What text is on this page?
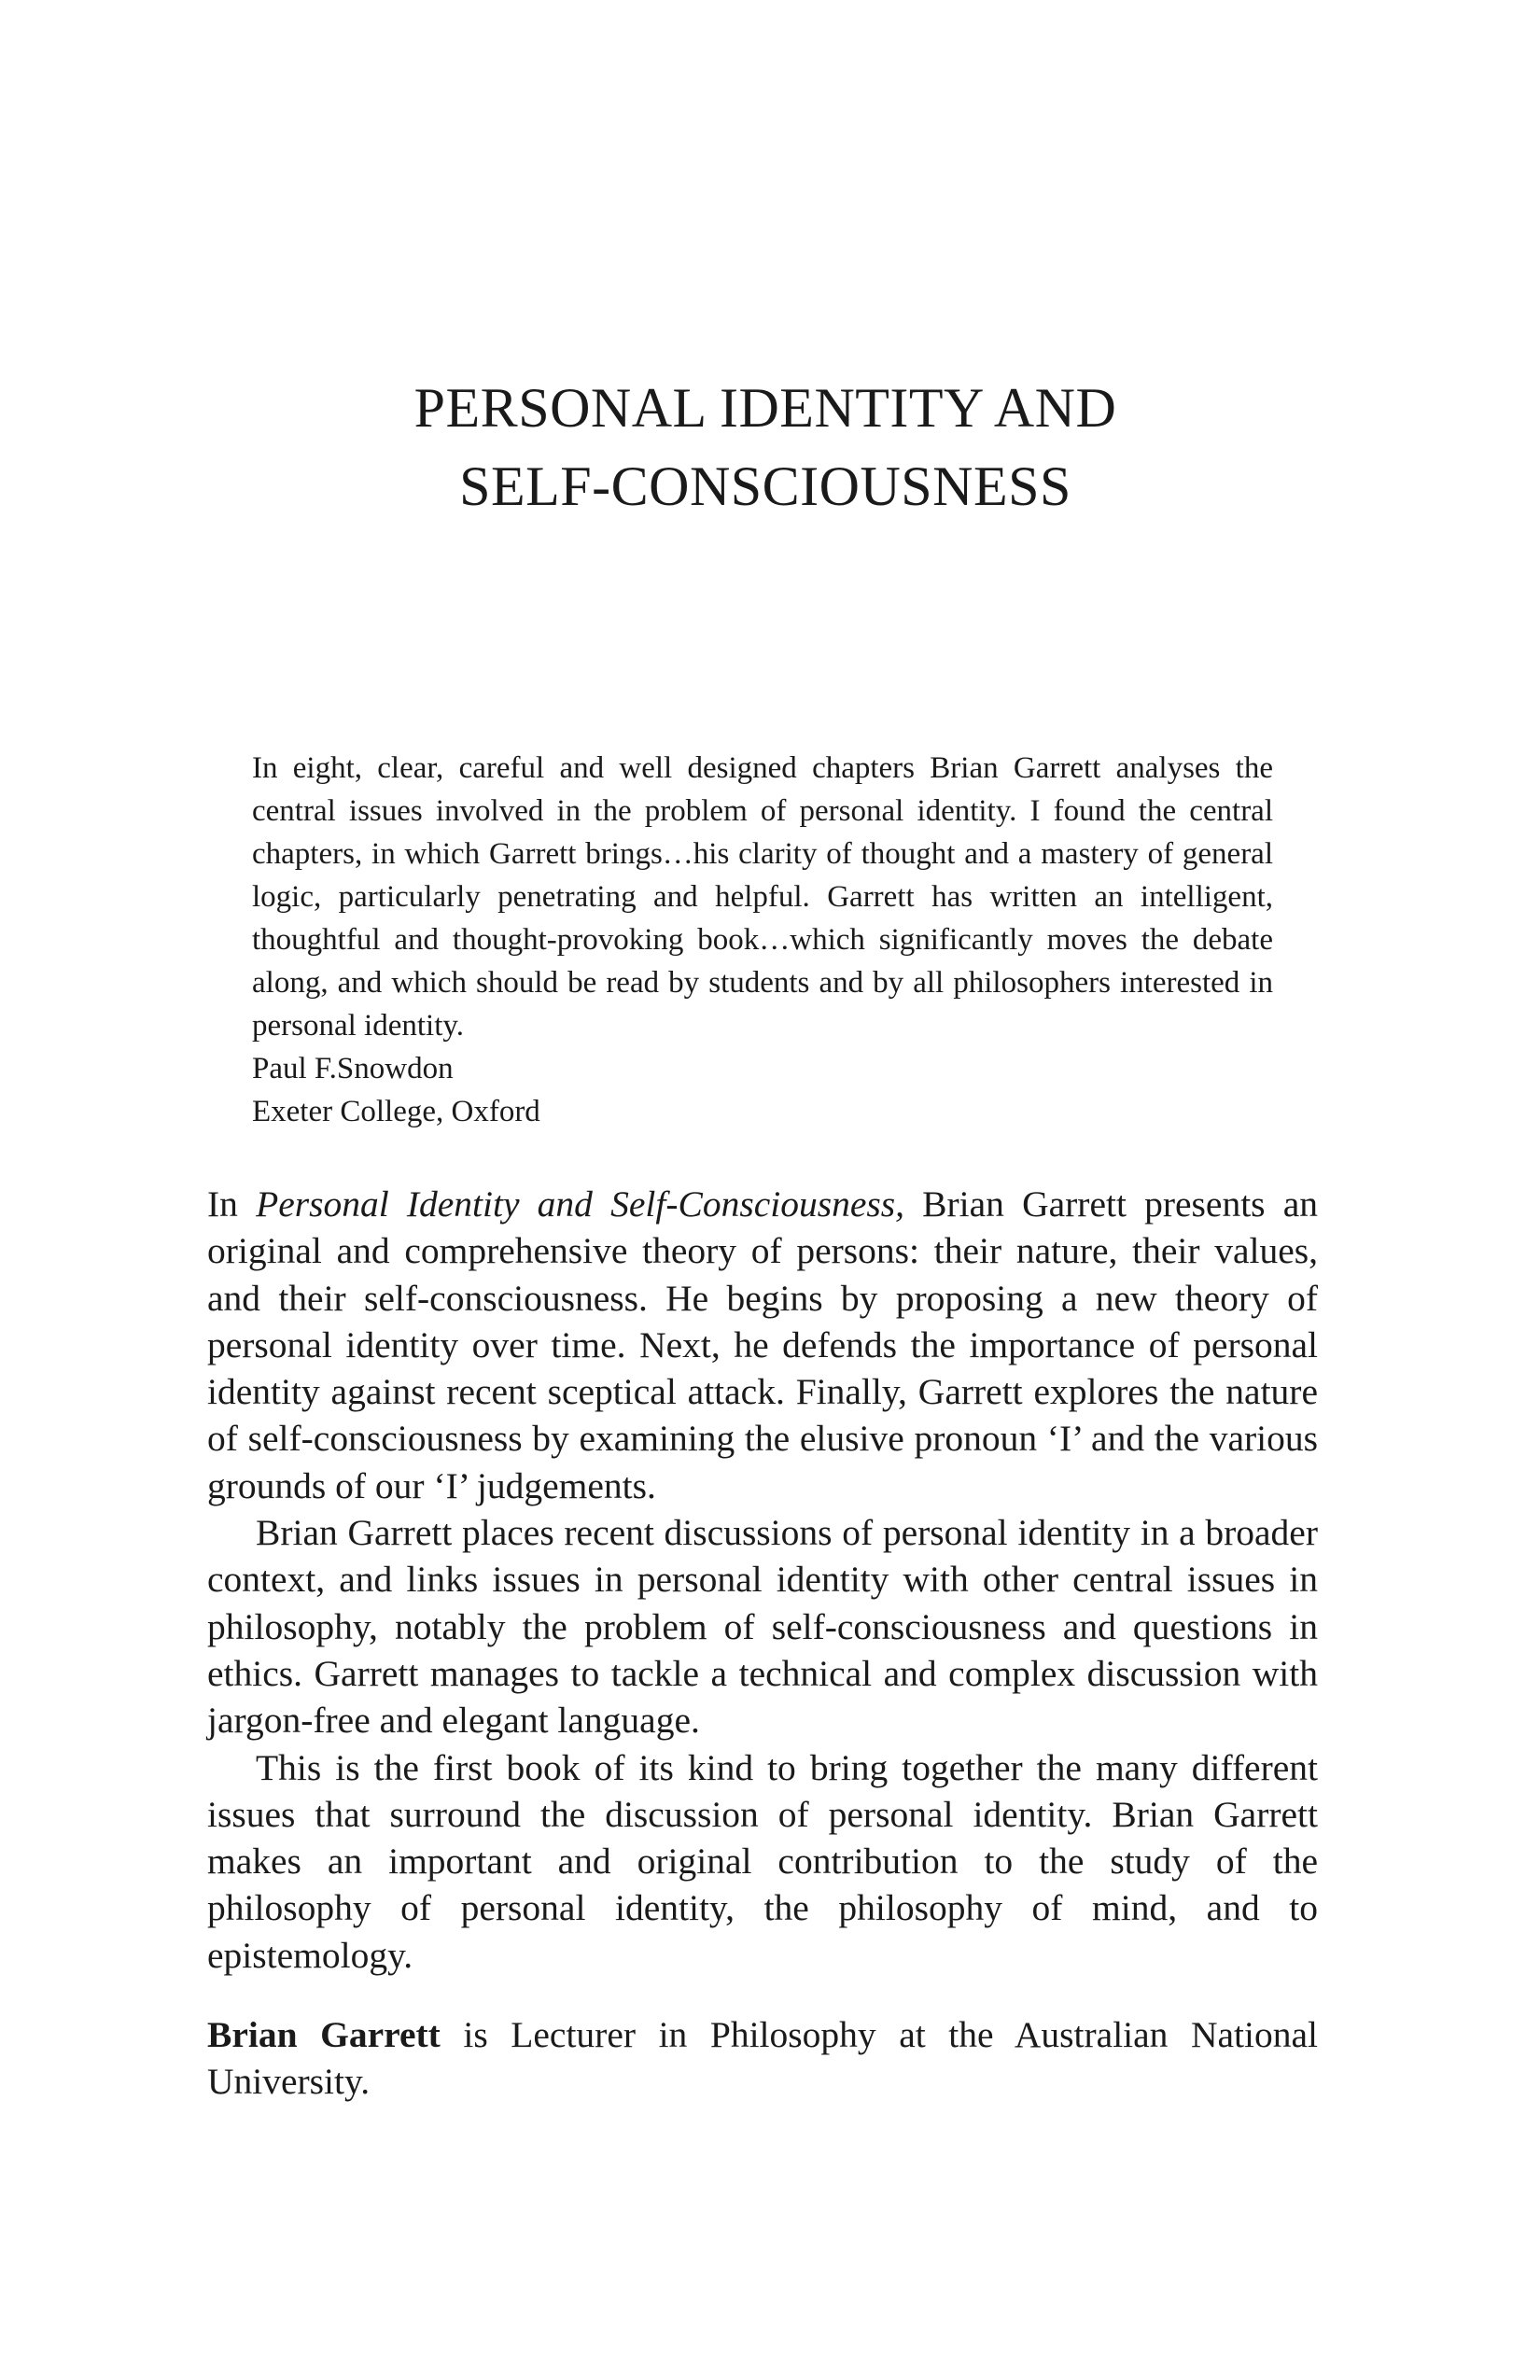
PERSONAL IDENTITY AND
SELF-CONSCIOUSNESS

In eight, clear, careful and well designed chapters Brian Garrett analyses the central issues involved in the problem of personal identity. I found the central chapters, in which Garrett brings…his clarity of thought and a mastery of general logic, particularly penetrating and helpful. Garrett has written an intelligent, thoughtful and thought-provoking book…which significantly moves the debate along, and which should be read by students and by all philosophers interested in personal identity.

Paul F.Snowdon

Exeter College, Oxford

In Personal Identity and Self-Consciousness, Brian Garrett presents an original and comprehensive theory of persons: their nature, their values, and their self-consciousness. He begins by proposing a new theory of personal identity over time. Next, he defends the importance of personal identity against recent sceptical attack. Finally, Garrett explores the nature of self-consciousness by examining the elusive pronoun ‘I’ and the various grounds of our ‘I’ judgements.

Brian Garrett places recent discussions of personal identity in a broader context, and links issues in personal identity with other central issues in philosophy, notably the problem of self-consciousness and questions in ethics. Garrett manages to tackle a technical and complex discussion with jargon-free and elegant language.

This is the first book of its kind to bring together the many different issues that surround the discussion of personal identity. Brian Garrett makes an important and original contribution to the study of the philosophy of personal identity, the philosophy of mind, and to epistemology.

Brian Garrett is Lecturer in Philosophy at the Australian National University.
